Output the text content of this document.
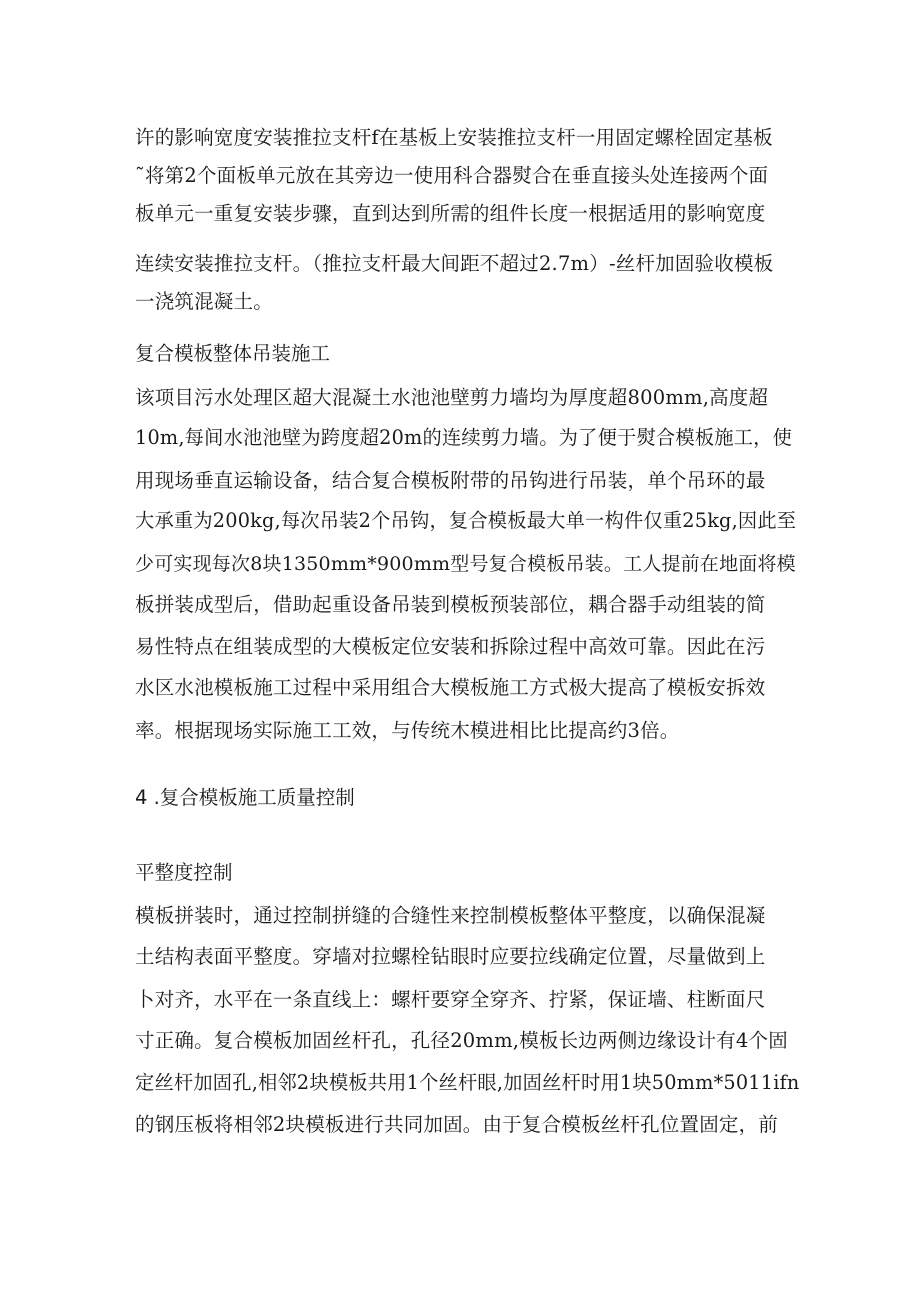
许的影响宽度安装推拉支杆f在基板上安装推拉支杆一用固定螺栓固定基板
˜将第2个面板单元放在其旁边一使用科合器熨合在垂直接头处连接两个面
板单元一重复安装步骤，直到达到所需的组件长度一根据适用的影响宽度
连续安装推拉支杆。（推拉支杆最大间距不超过2.7m）-丝杆加固验收模板
一浇筑混凝土。
复合模板整体吊装施工
该项目污水处理区超大混凝土水池池壁剪力墙均为厚度超800mm,高度超
10m,每间水池池壁为跨度超20m的连续剪力墙。为了便于熨合模板施工，使
用现场垂直运输设备，结合复合模板附带的吊钩进行吊装，单个吊环的最
大承重为200kg,每次吊装2个吊钩，复合模板最大单一构件仅重25kg,因此至
少可实现每次8块1350mm*900mm型号复合模板吊装。工人提前在地面将模
板拼装成型后，借助起重设备吊装到模板预装部位，耦合器手动组装的简
易性特点在组装成型的大模板定位安装和拆除过程中高效可靠。因此在污
水区水池模板施工过程中采用组合大模板施工方式极大提高了模板安拆效
率。根据现场实际施工工效，与传统木模进相比比提高约3倍。
4 .复合模板施工质量控制
平整度控制
模板拼装时，通过控制拼缝的合缝性来控制模板整体平整度，以确保混凝
土结构表面平整度。穿墙对拉螺栓钻眼时应要拉线确定位置，尽量做到上
卜对齐，水平在一条直线上：螺杆要穿全穿齐、拧紧，保证墙、柱断面尺
寸正确。复合模板加固丝杆孔，孔径20mm,模板长边两侧边缘设计有4个固
定丝杆加固孔,相邻2块模板共用1个丝杆眼,加固丝杆时用1块50mm*5011ifn
的钢压板将相邻2块模板进行共同加固。由于复合模板丝杆孔位置固定，前
